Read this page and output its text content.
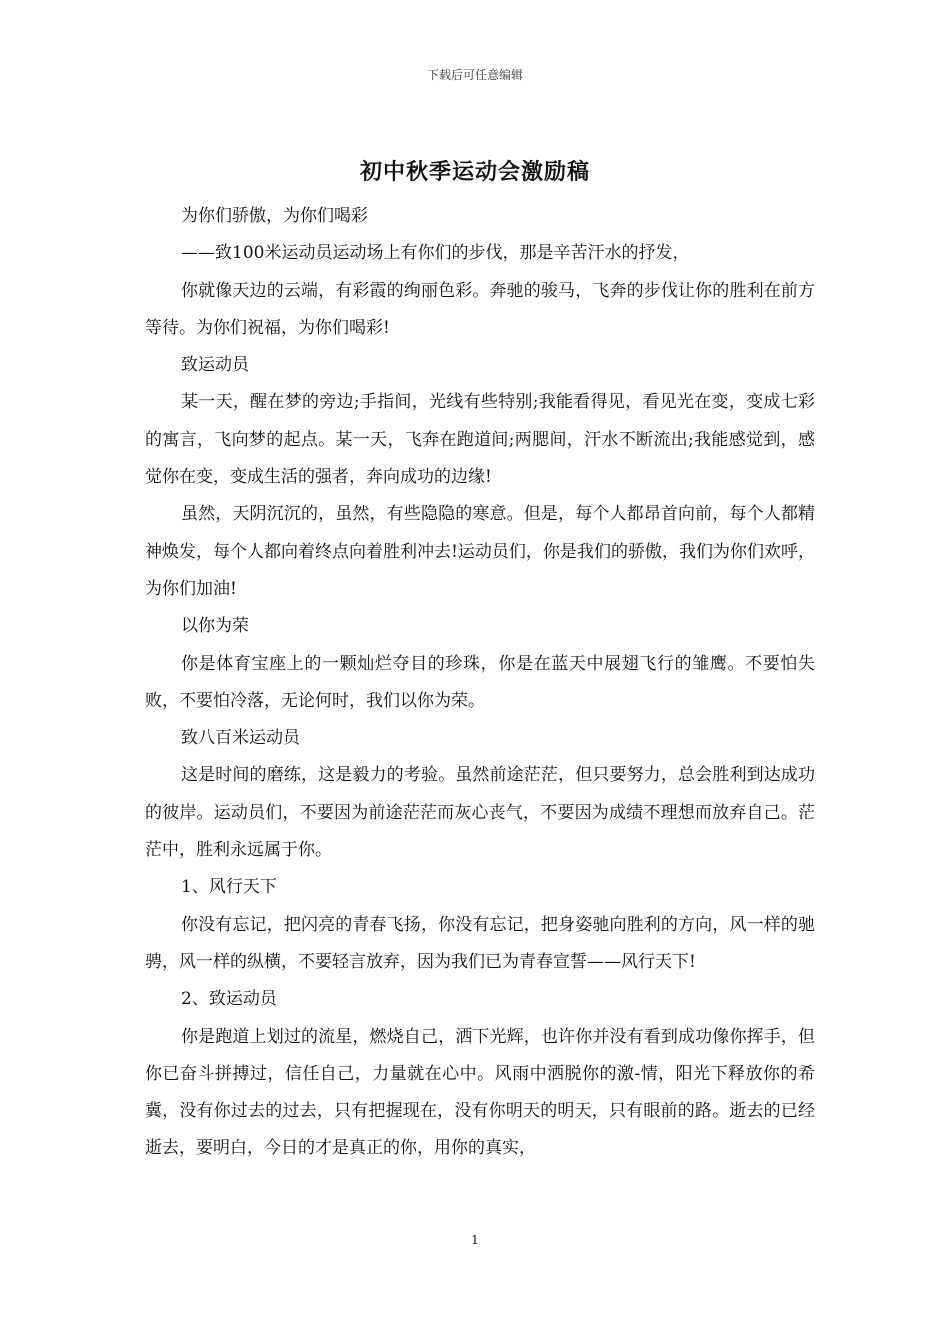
下载后可任意编辑
初中秋季运动会激励稿

为你们骄傲，为你们喝彩

——致100米运动员运动场上有你们的步伐，那是辛苦汗水的抒发，

你就像天边的云端，有彩霞的绚丽色彩。奔驰的骏马，飞奔的步伐让你的胜利在前方等待。为你们祝福，为你们喝彩!

致运动员

某一天，醒在梦的旁边;手指间，光线有些特别;我能看得见，看见光在变，变成七彩的寓言，飞向梦的起点。某一天，飞奔在跑道间;两腮间，汗水不断流出;我能感觉到，感觉你在变，变成生活的强者，奔向成功的边缘!

虽然，天阴沉沉的，虽然，有些隐隐的寒意。但是，每个人都昂首向前，每个人都精神焕发，每个人都向着终点向着胜利冲去!运动员们，你是我们的骄傲，我们为你们欢呼，为你们加油!

以你为荣

你是体育宝座上的一颗灿烂夺目的珍珠，你是在蓝天中展翅飞行的雏鹰。不要怕失败，不要怕冷落，无论何时，我们以你为荣。

致八百米运动员

这是时间的磨练，这是毅力的考验。虽然前途茫茫，但只要努力，总会胜利到达成功的彼岸。运动员们，不要因为前途茫茫而灰心丧气，不要因为成绩不理想而放弃自己。茫茫中，胜利永远属于你。

1、风行天下

你没有忘记，把闪亮的青春飞扬，你没有忘记，把身姿驰向胜利的方向，风一样的驰骋，风一样的纵横，不要轻言放弃，因为我们已为青春宣誓——风行天下!

2、致运动员

你是跑道上划过的流星，燃烧自己，洒下光辉，也许你并没有看到成功像你挥手，但你已奋斗拼搏过，信任自己，力量就在心中。风雨中洒脱你的激-情，阳光下释放你的希冀，没有你过去的过去，只有把握现在，没有你明天的明天，只有眼前的路。逝去的已经逝去，要明白，今日的才是真正的你，用你的真实，

1
